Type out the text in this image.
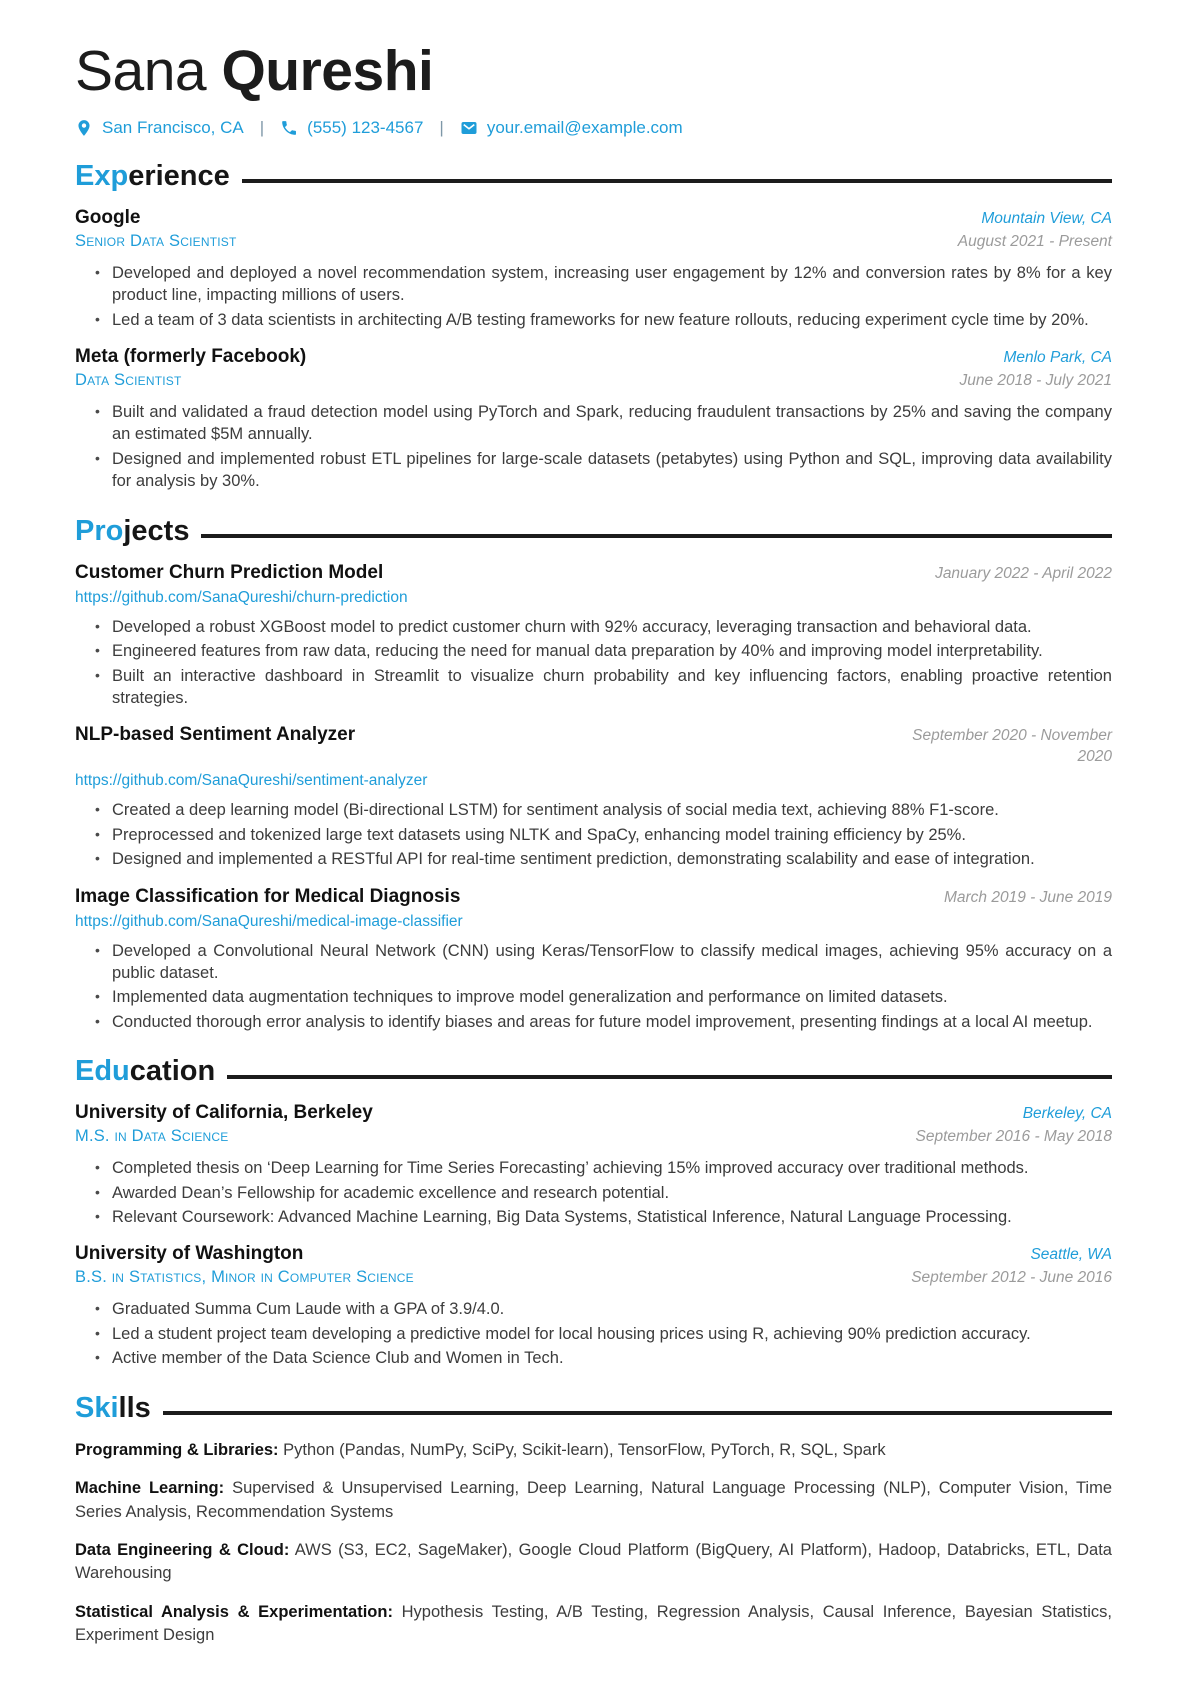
Sana Qureshi
San Francisco, CA |	(555) 123-4567 |	your.email@example.com
Exp erience
Google	Mountain View, CA
Senior Data Scientist	August 2021 - Present
• Developed and deployed a novel recommendation system, increasing user engagement by 12% and conversion rates by 8% for a key product line, impacting millions of users.
• Led a team of 3 data scientists in architecting A/B testing frameworks for new feature rollouts, reducing experiment cycle time by 20%.
Meta (formerly Facebook)	Menlo Park, CA
Data Scientist	June 2018 - July 2021
• Built and validated a fraud detection model using PyTorch and Spark, reducing fraudulent transactions by 25% and saving the company an estimated $5M annually.
• Designed and implemented robust ETL pipelines for large-scale datasets (petabytes) using Python and SQL, improving data availability for analysis by 30%.
Pro jects
Customer Churn Prediction Model	January 2022 - April 2022
https://github.com/SanaQureshi/churn-prediction
• Developed a robust XGBoost model to predict customer churn with 92% accuracy, leveraging transaction and behavioral data.
• Engineered features from raw data, reducing the need for manual data preparation by 40% and improving model interpretability.
• Built an interactive dashboard in Streamlit to visualize churn probability and key influencing factors, enabling proactive retention strategies.
NLP-based Sentiment Analyzer	September 2020 - November 2020
https://github.com/SanaQureshi/sentiment-analyzer
• Created a deep learning model (Bi-directional LSTM) for sentiment analysis of social media text, achieving 88% F1-score.
• Preprocessed and tokenized large text datasets using NLTK and SpaCy, enhancing model training efficiency by 25%.
• Designed and implemented a RESTful API for real-time sentiment prediction, demonstrating scalability and ease of integration.
Image Classification for Medical Diagnosis	March 2019 - June 2019
https://github.com/SanaQureshi/medical-image-classifier
• Developed a Convolutional Neural Network (CNN) using Keras/TensorFlow to classify medical images, achieving 95% accuracy on a public dataset.
• Implemented data augmentation techniques to improve model generalization and performance on limited datasets.
• Conducted thorough error analysis to identify biases and areas for future model improvement, presenting findings at a local AI meetup.
Edu cation
University of California, Berkeley	Berkeley, CA
M.S. in Data Science	September 2016 - May 2018
• Completed thesis on ‘Deep Learning for Time Series Forecasting’ achieving 15% improved accuracy over traditional methods.
• Awarded Dean’s Fellowship for academic excellence and research potential.
• Relevant Coursework: Advanced Machine Learning, Big Data Systems, Statistical Inference, Natural Language Processing.
University of Washington	Seattle, WA
B.S. in Statistics, Minor in Computer Science	September 2012 - June 2016
• Graduated Summa Cum Laude with a GPA of 3.9/4.0.
• Led a student project team developing a predictive model for local housing prices using R, achieving 90% prediction accuracy.
• Active member of the Data Science Club and Women in Tech.
Ski lls

Programming & Libraries: Python (Pandas, NumPy, SciPy, Scikit-learn), TensorFlow, PyTorch, R, SQL, Spark

Machine Learning: Supervised & Unsupervised Learning, Deep Learning, Natural Language Processing (NLP), Computer Vision, Time Series Analysis, Recommendation Systems

Data Engineering & Cloud: AWS (S3, EC2, SageMaker), Google Cloud Platform (BigQuery, AI Platform), Hadoop, Databricks, ETL, Data Warehousing

Statistical Analysis & Experimentation: Hypothesis Testing, A/B Testing, Regression Analysis, Causal Inference, Bayesian Statistics, Experiment Design
